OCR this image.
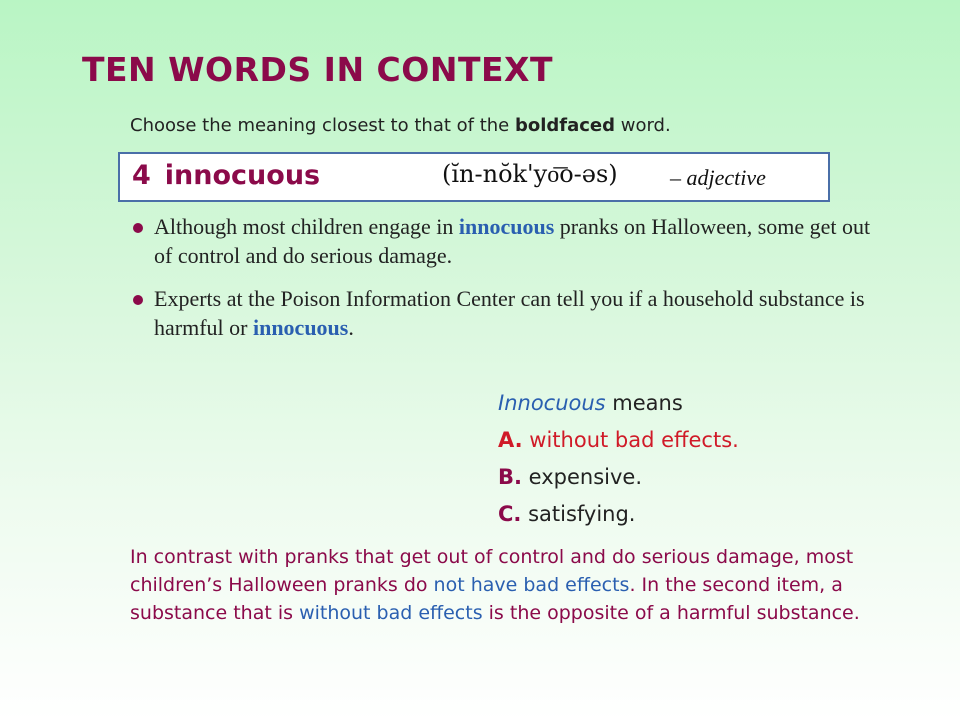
TEN WORDS IN CONTEXT
Choose the meaning closest to that of the boldfaced word.
4 innocuous	(ĭn-nŏk'yo͞o-əs) – adjective
Although most children engage in innocuous pranks on Halloween, some get out of control and do serious damage.
Experts at the Poison Information Center can tell you if a household substance is harmful or innocuous.
Innocuous means
A. without bad effects.
B. expensive.
C. satisfying.
In contrast with pranks that get out of control and do serious damage, most children’s Halloween pranks do not have bad effects. In the second item, a substance that is without bad effects is the opposite of a harmful substance.
